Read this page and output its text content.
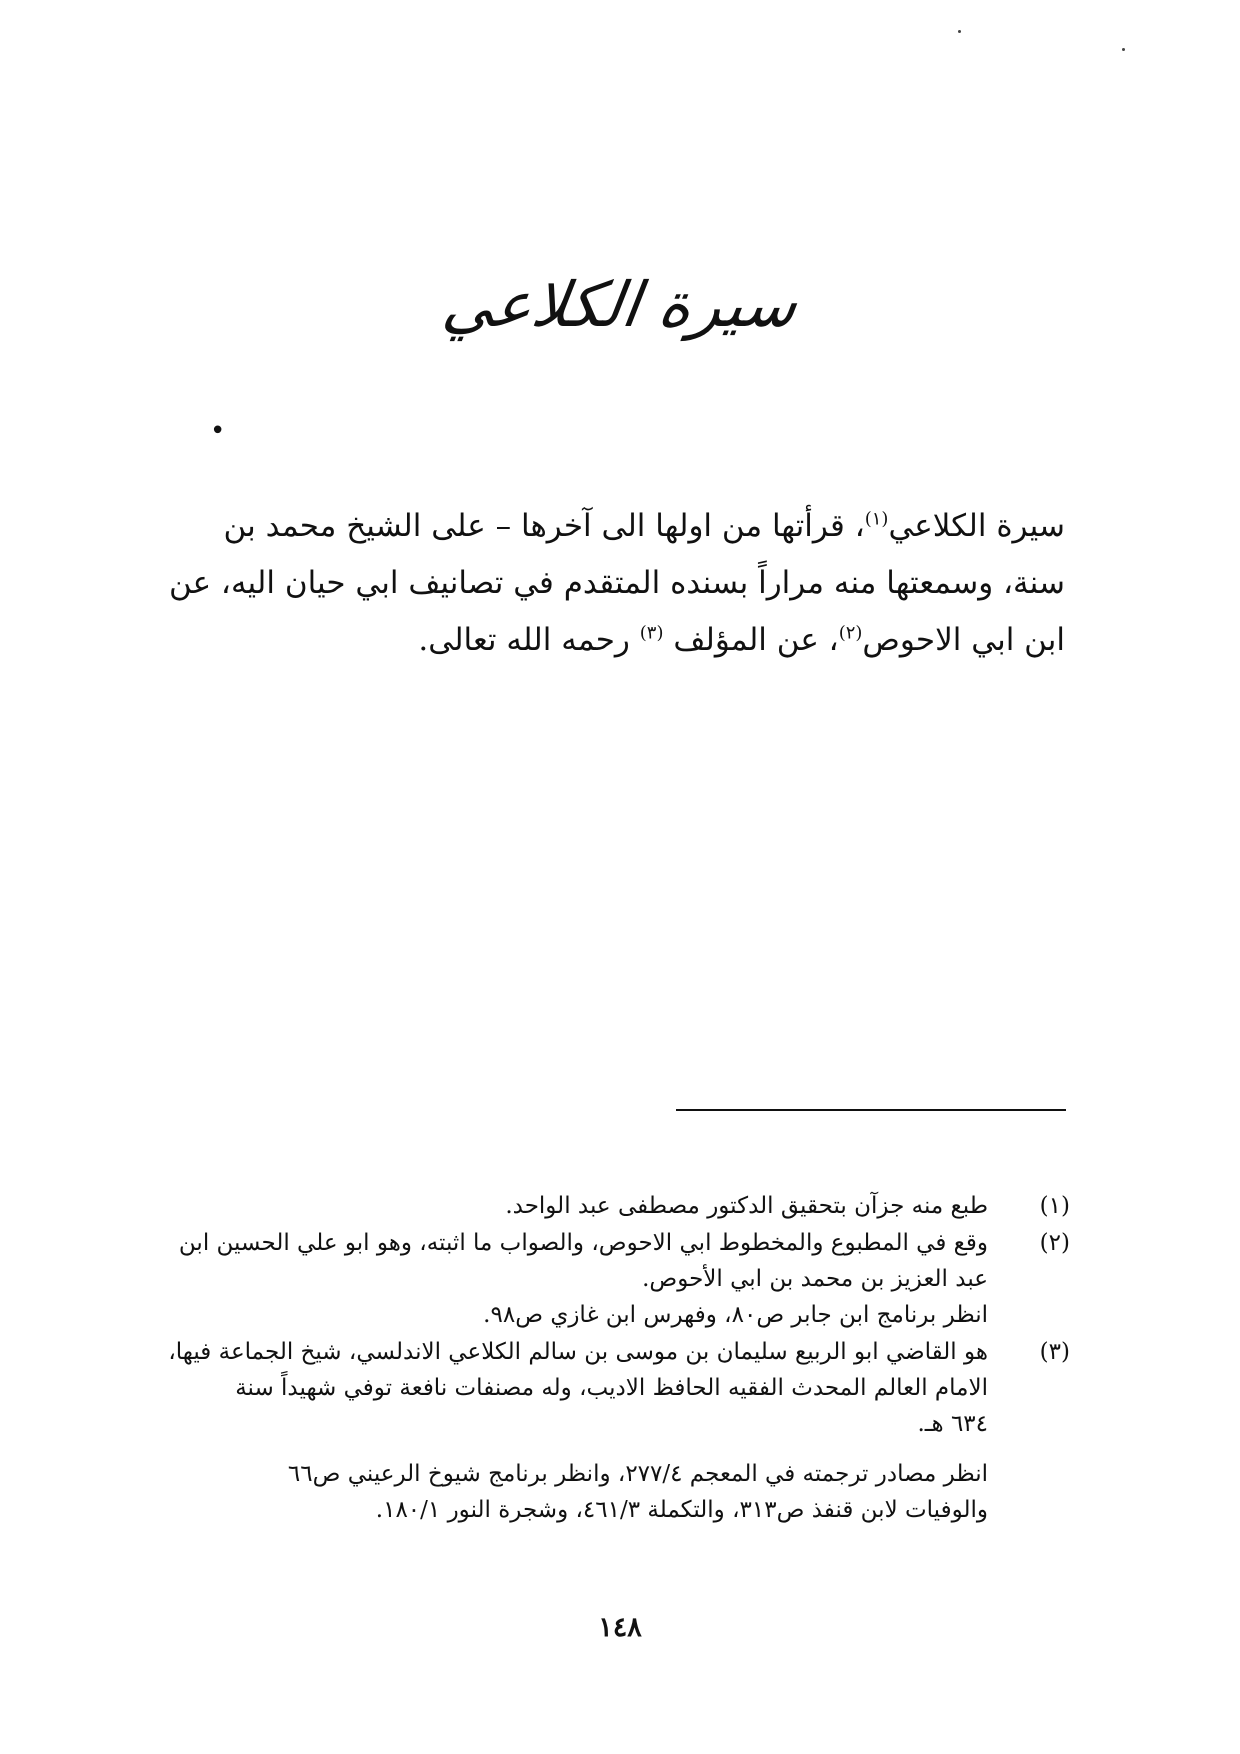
سيرة الكلاعي
•
سيرة الكلاعي$^{(١)}$، قرأتها من اولها الى آخرها – على الشيخ محمد بن
سنة، وسمعتها منه مراراً بسنده المتقدم في تصانيف ابي حيان اليه، عن
ابن ابي الاحوص$^{(٢)}$، عن المؤلف $^{(٣)}$ رحمه الله تعالى.
(١)
طبع منه جزآن بتحقيق الدكتور مصطفى عبد الواحد.
(٢)
وقع في المطبوع والمخطوط ابي الاحوص، والصواب ما اثبته، وهو ابو علي الحسين ابن
عبد العزيز بن محمد بن ابي الأحوص.
انظر برنامج ابن جابر ص٨٠، وفهرس ابن غازي ص٩٨.
(٣)
هو القاضي ابو الربيع سليمان بن موسى بن سالم الكلاعي الاندلسي، شيخ الجماعة فيها،
الامام العالم المحدث الفقيه الحافظ الاديب، وله مصنفات نافعة توفي شهيداً سنة
٦٣٤ هـ.
انظر مصادر ترجمته في المعجم ٢٧٧/٤، وانظر برنامج شيوخ الرعيني ص٦٦
والوفيات لابن قنفذ ص٣١٣، والتكملة ٤٦١/٣، وشجرة النور ١٨٠/١.
١٤٨
